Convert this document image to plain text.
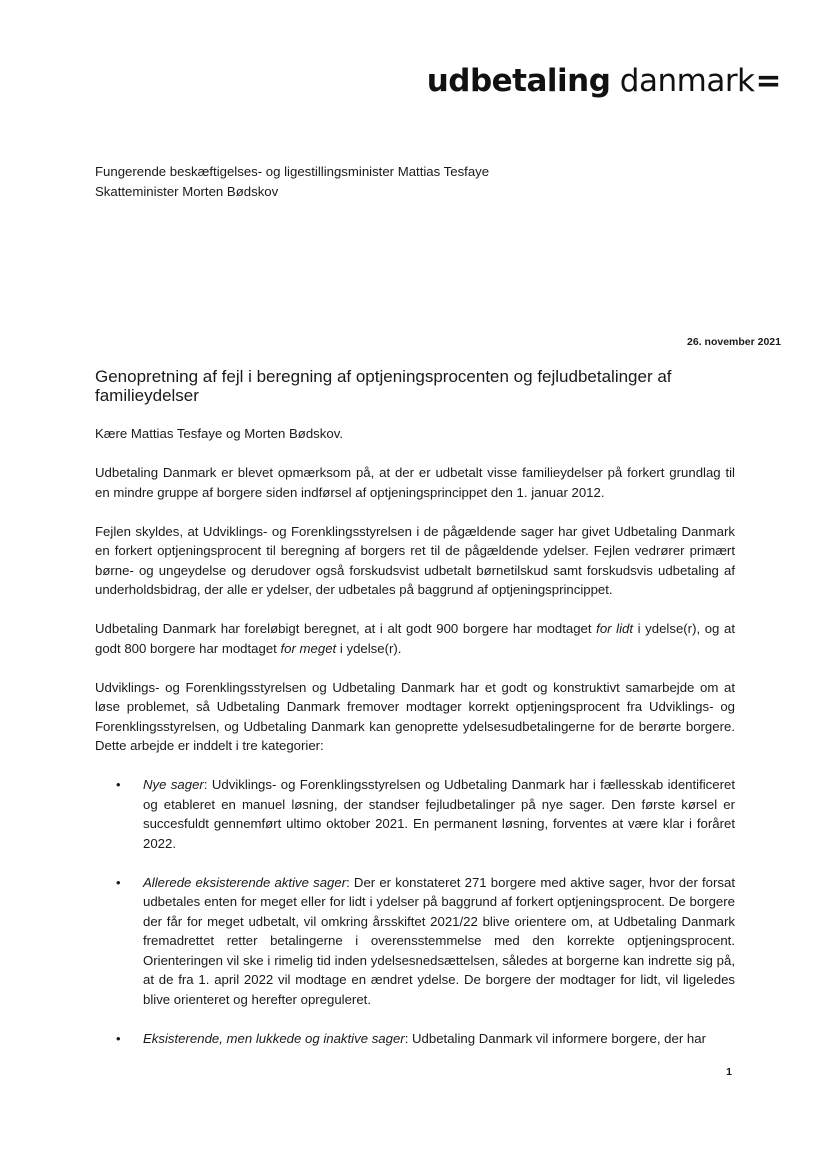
udbetaling danmark=
Fungerende beskæftigelses- og ligestillingsminister Mattias Tesfaye
Skatteminister Morten Bødskov
26. november 2021
Genopretning af fejl i beregning af optjeningsprocenten og fejludbetalinger af familieydelser

Kære Mattias Tesfaye og Morten Bødskov.

Udbetaling Danmark er blevet opmærksom på, at der er udbetalt visse familieydelser på forkert grundlag til en mindre gruppe af borgere siden indførsel af optjeningsprincippet den 1. januar 2012.

Fejlen skyldes, at Udviklings- og Forenklingsstyrelsen i de pågældende sager har givet Udbetaling Danmark en forkert optjeningsprocent til beregning af borgers ret til de pågældende ydelser. Fejlen vedrører primært børne- og ungeydelse og derudover også forskudsvist udbetalt børnetilskud samt forskudsvis udbetaling af underholdsbidrag, der alle er ydelser, der udbetales på baggrund af optjeningsprincippet.

Udbetaling Danmark har foreløbigt beregnet, at i alt godt 900 borgere har modtaget for lidt i ydelse(r), og at godt 800 borgere har modtaget for meget i ydelse(r).

Udviklings- og Forenklingsstyrelsen og Udbetaling Danmark har et godt og konstruktivt samarbejde om at løse problemet, så Udbetaling Danmark fremover modtager korrekt optjeningsprocent fra Udviklings- og Forenklingsstyrelsen, og Udbetaling Danmark kan genoprette ydelsesudbetalingerne for de berørte borgere. Dette arbejde er inddelt i tre kategorier:

• Nye sager: Udviklings- og Forenklingsstyrelsen og Udbetaling Danmark har i fællesskab identificeret og etableret en manuel løsning, der standser fejludbetalinger på nye sager. Den første kørsel er succesfuldt gennemført ultimo oktober 2021. En permanent løsning, forventes at være klar i foråret 2022.
• Allerede eksisterende aktive sager: Der er konstateret 271 borgere med aktive sager, hvor der forsat udbetales enten for meget eller for lidt i ydelser på baggrund af forkert optjeningsprocent. De borgere der får for meget udbetalt, vil omkring årsskiftet 2021/22 blive orientere om, at Udbetaling Danmark fremadrettet retter betalingerne i overensstemmelse med den korrekte optjeningsprocent. Orienteringen vil ske i rimelig tid inden ydelsesnedsættelsen, således at borgerne kan indrette sig på, at de fra 1. april 2022 vil modtage en ændret ydelse. De borgere der modtager for lidt, vil ligeledes blive orienteret og herefter opreguleret.
• Eksisterende, men lukkede og inaktive sager: Udbetaling Danmark vil informere borgere, der har
1
